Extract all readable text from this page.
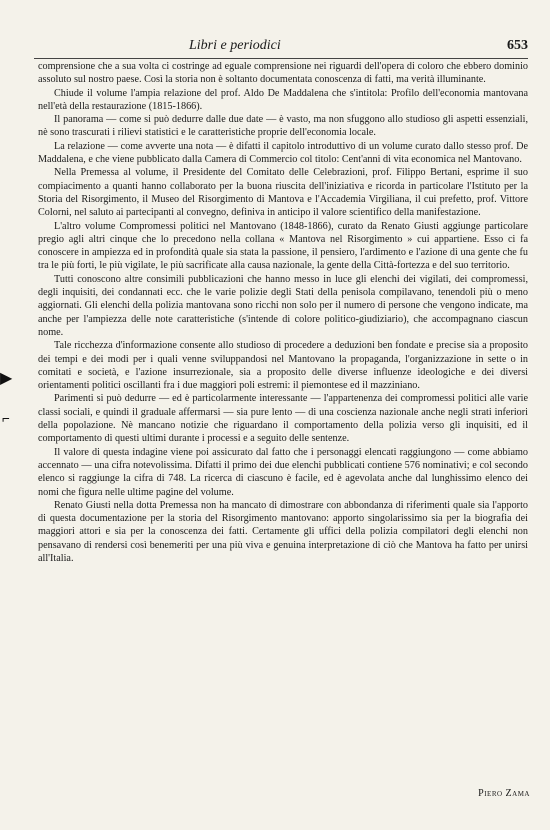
Libri e periodici	653
▶
⌐

comprensione che a sua volta ci costringe ad eguale comprensione nei riguardi dell'opera di coloro che ebbero dominio assoluto sul nostro paese. Così la storia non è soltanto documentata conoscenza di fatti, ma verità illuminante.

Chiude il volume l'ampia relazione del prof. Aldo De Maddalena che s'intitola: Profilo dell'economia mantovana nell'età della restaurazione (1815-1866).

Il panorama — come si può dedurre dalle due date — è vasto, ma non sfuggono allo studioso gli aspetti essenziali, nè sono trascurati i rilievi statistici e le caratteristiche proprie dell'economia locale.

La relazione — come avverte una nota — è difatti il capitolo introduttivo di un volume curato dallo stesso prof. De Maddalena, e che viene pubblicato dalla Camera di Commercio col titolo: Cent'anni di vita economica nel Mantovano.

Nella Premessa al volume, il Presidente del Comitato delle Celebrazioni, prof. Filippo Bertani, esprime il suo compiacimento a quanti hanno collaborato per la buona riuscita dell'iniziativa e ricorda in particolare l'Istituto per la Storia del Risorgimento, il Museo del Risorgimento di Mantova e l'Accademia Virgiliana, il cui prefetto, prof. Vittore Colorni, nel saluto ai partecipanti al convegno, definiva in anticipo il valore scientifico della manifestazione.

L'altro volume Compromessi politici nel Mantovano (1848-1866), curato da Renato Giusti aggiunge particolare pregio agli altri cinque che lo precedono nella collana « Mantova nel Risorgimento » cui appartiene. Esso ci fa conoscere in ampiezza ed in profondità quale sia stata la passione, il pensiero, l'ardimento e l'azione di una gente che fu tra le più forti, le più vigilate, le più sacrificate alla causa nazionale, la gente della Città-fortezza e del suo territorio.

Tutti conoscono altre consimili pubblicazioni che hanno messo in luce gli elenchi dei vigilati, dei compromessi, degli inquisiti, dei condannati ecc. che le varie polizie degli Stati della penisola compilavano, tenendoli più o meno aggiornati. Gli elenchi della polizia mantovana sono ricchi non solo per il numero di persone che vengono indicate, ma anche per l'ampiezza delle note caratteristiche (s'intende di colore politico-giudiziario), che accompagnano ciascun nome.

Tale ricchezza d'informazione consente allo studioso di procedere a deduzioni ben fondate e precise sia a proposito dei tempi e dei modi per i quali venne sviluppandosi nel Mantovano la propaganda, l'organizzazione in sette o in comitati e società, e l'azione insurrezionale, sia a proposito delle diverse influenze ideologiche e dei diversi orientamenti politici oscillanti fra i due maggiori poli estremi: il piemontese ed il mazziniano.

Parimenti si può dedurre — ed è particolarmente interessante — l'appartenenza dei compromessi politici alle varie classi sociali, e quindi il graduale affermarsi — sia pure lento — di una coscienza nazionale anche negli strati inferiori della popolazione. Nè mancano notizie che riguardano il comportamento della polizia verso gli inquisiti, ed il comportamento di questi ultimi durante i processi e a seguito delle sentenze.

Il valore di questa indagine viene poi assicurato dal fatto che i personaggi elencati raggiungono — come abbiamo accennato — una cifra notevolissima. Difatti il primo dei due elenchi pubblicati contiene 576 nominativi; e col secondo elenco si raggiunge la cifra di 748. La ricerca di ciascuno è facile, ed è agevolata anche dal lunghissimo elenco dei nomi che figura nelle ultime pagine del volume.

Renato Giusti nella dotta Premessa non ha mancato di dimostrare con abbondanza di riferimenti quale sia l'apporto di questa documentazione per la storia del Risorgimento mantovano: apporto singolarissimo sia per la biografia dei maggiori attori e sia per la conoscenza dei fatti. Certamente gli uffici della polizia compilatori degli elenchi non pensavano di rendersi così benemeriti per una più viva e genuina interpretazione di ciò che Mantova ha fatto per unirsi all'Italia.

Piero Zama
